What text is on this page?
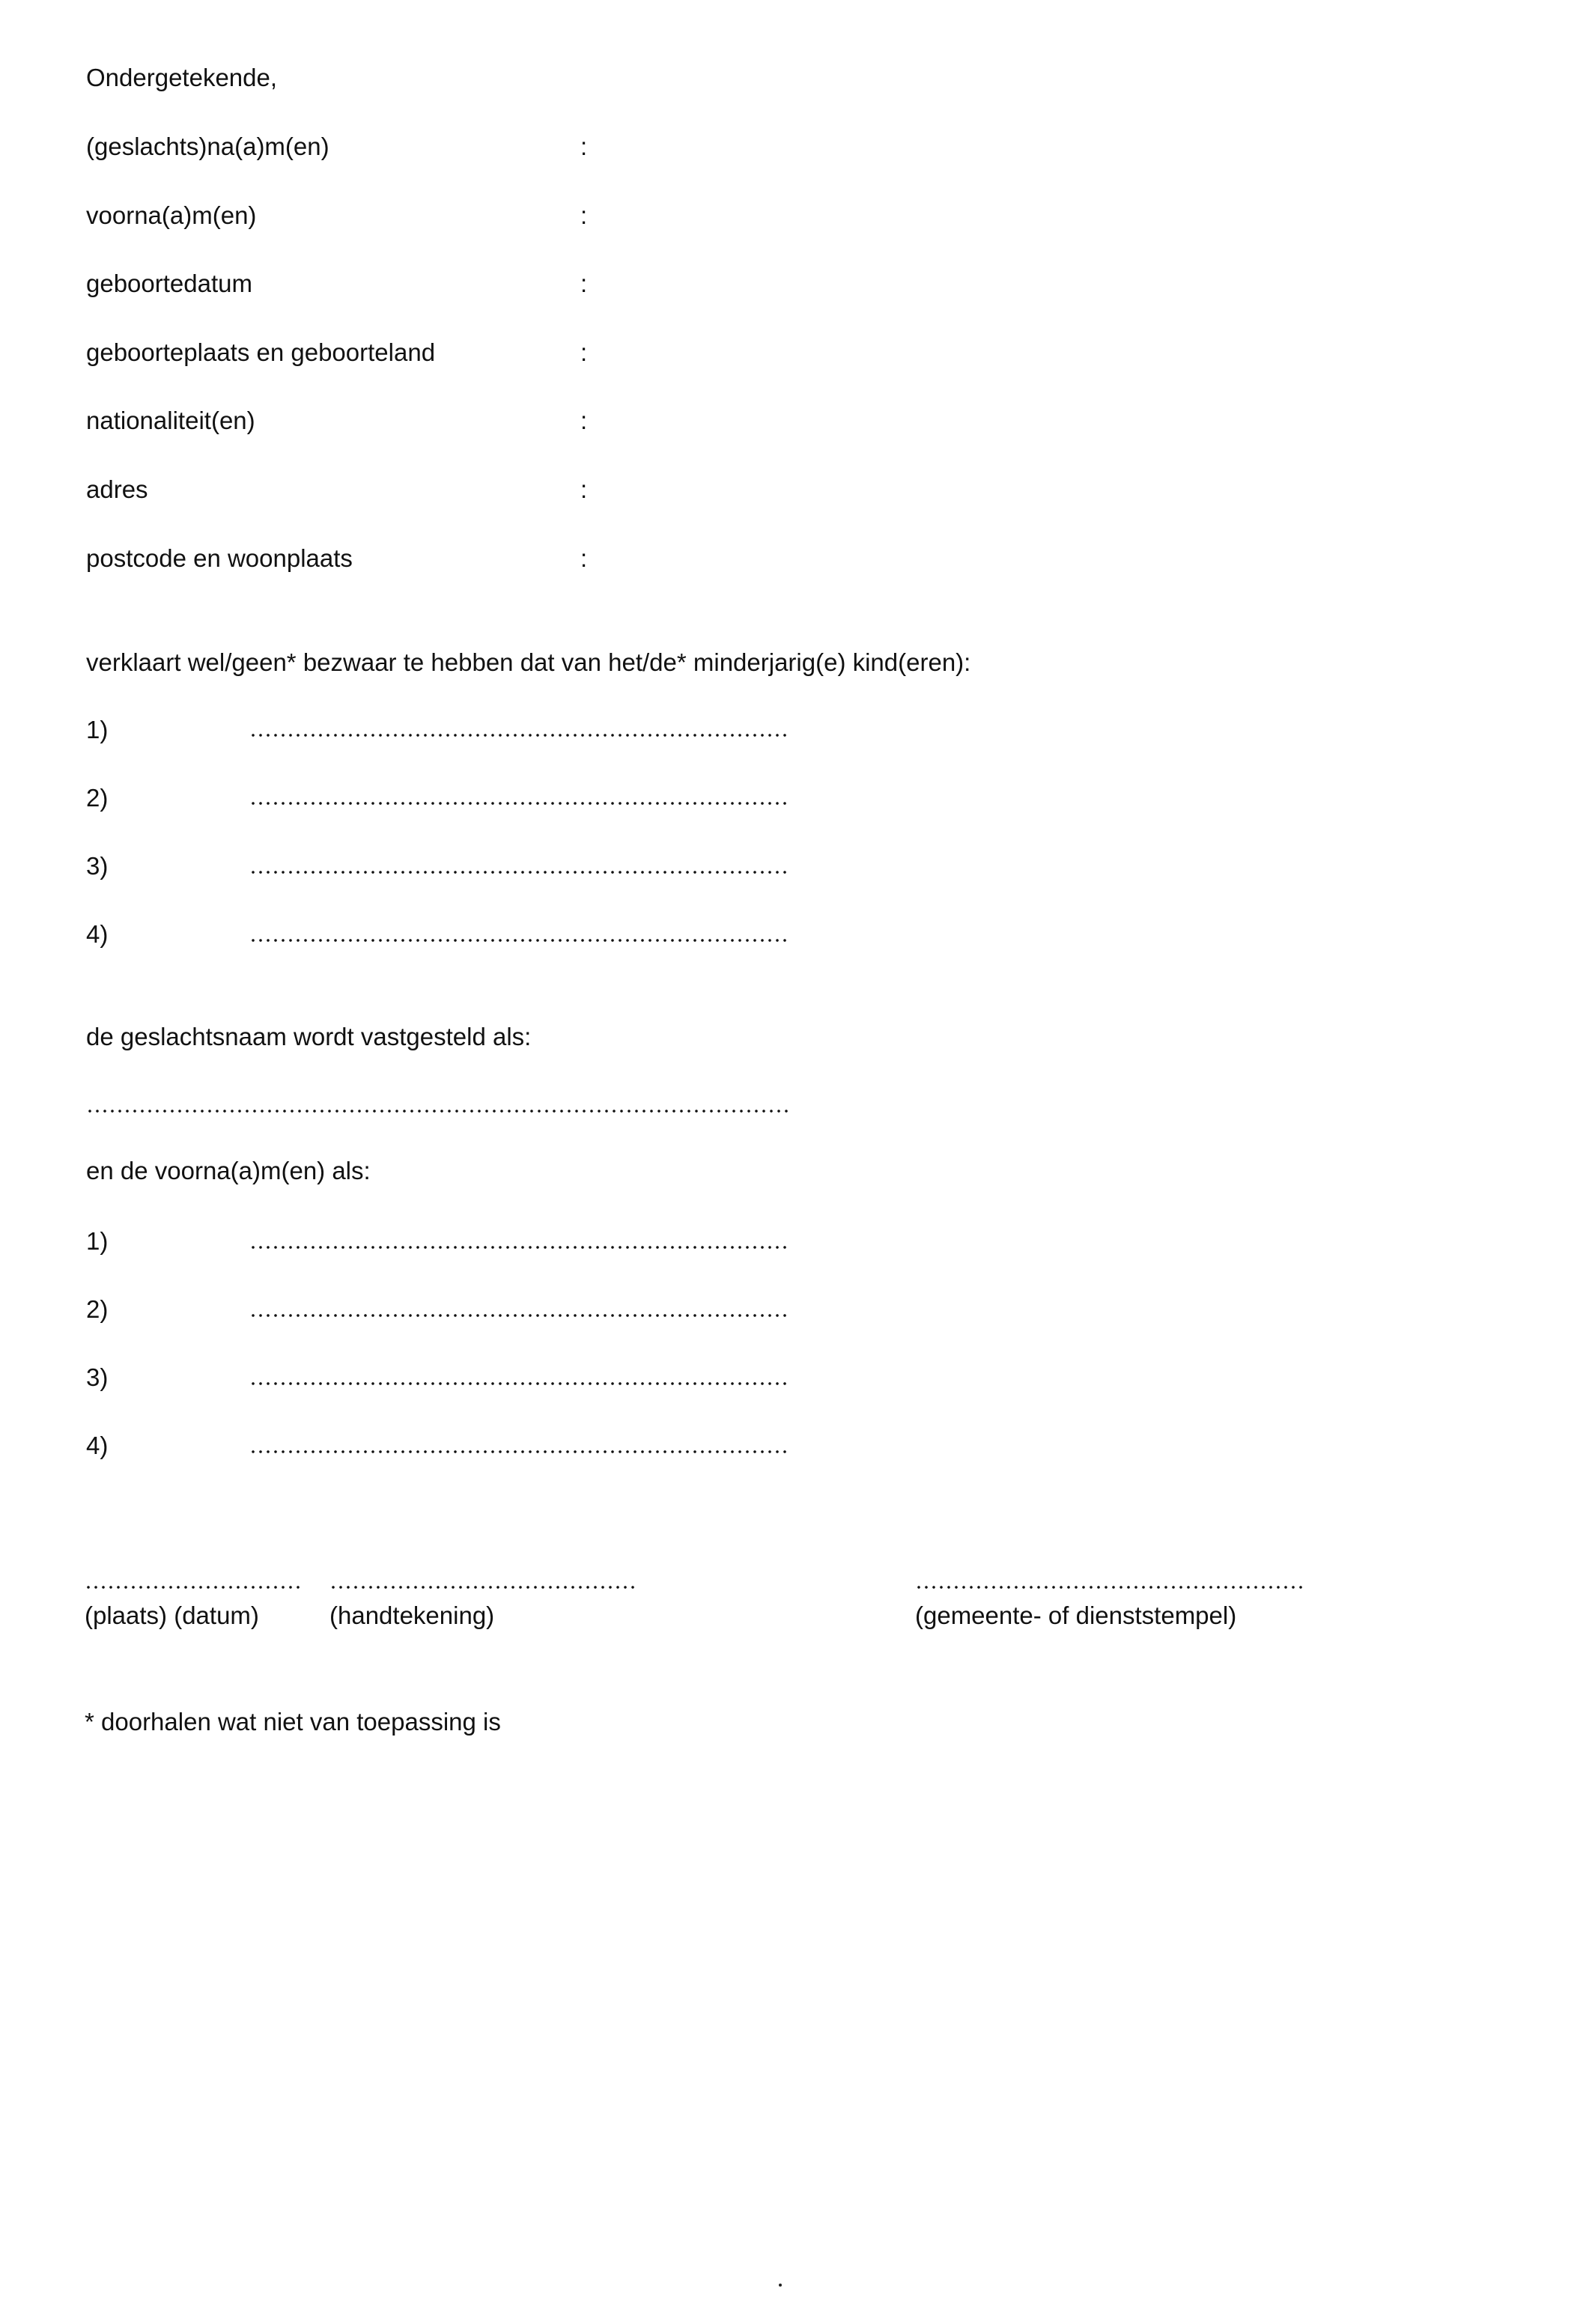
Ondergetekende,
(geslachts)na(a)m(en)
voorna(a)m(en)
geboortedatum
geboorteplaats en geboorteland
nationaliteit(en)
adres
postcode en woonplaats
:
:
:
:
:
:
:
verklaart wel/geen* bezwaar te hebben dat van het/de* minderjarig(e) kind(eren):
1)
2)
3)
4)
de geslachtsnaam wordt vastgesteld als:
en de voorna(a)m(en) als:
1)
2)
3)
4)
(plaats) (datum)	(handtekening)	(gemeente- of dienststempel)
* doorhalen wat niet van toepassing is
